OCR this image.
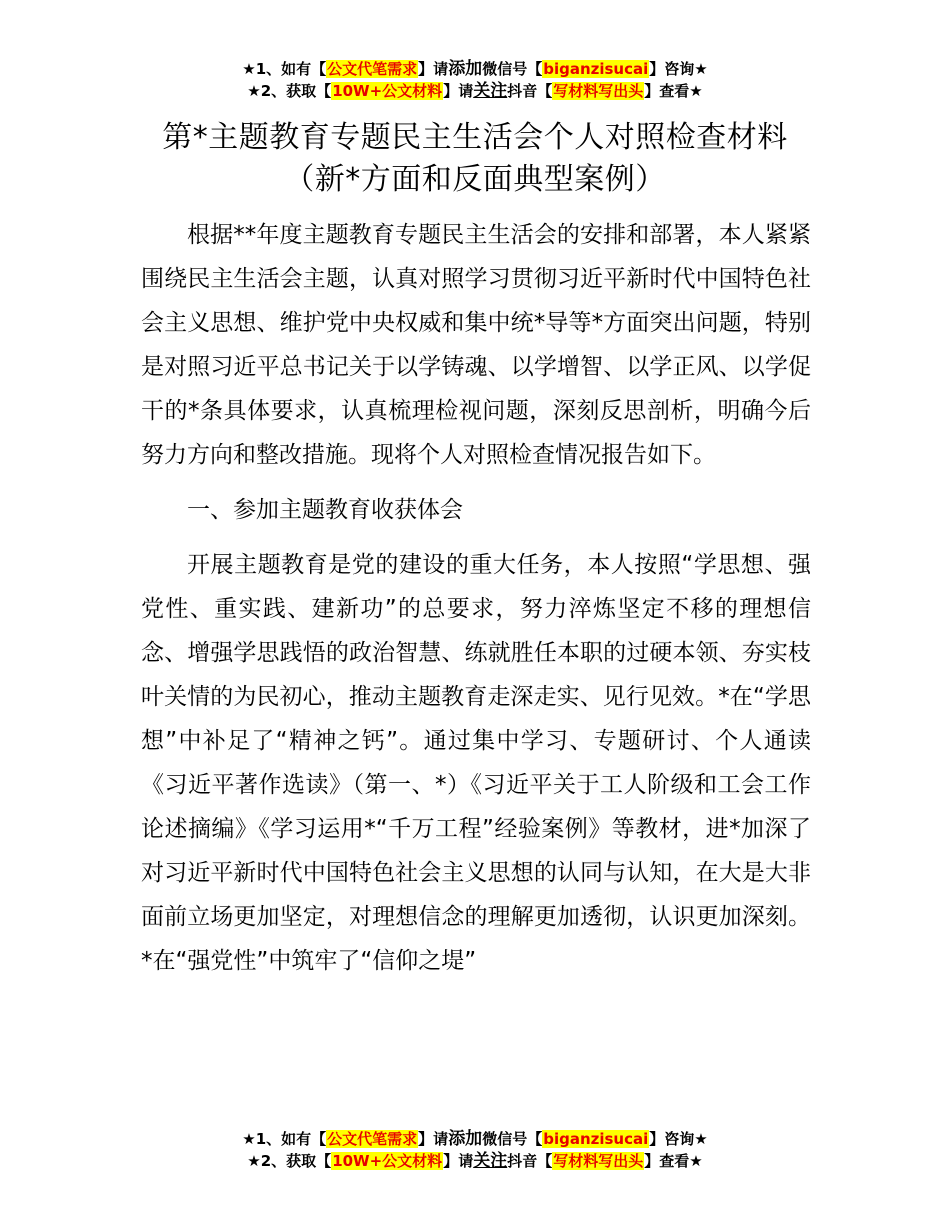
★1、如有【公文代笔需求】请添加微信号【biganzisucai】咨询★
★2、获取【10W+公文材料】请关注抖音【写材料写出头】查看★
第*主题教育专题民主生活会个人对照检查材料
（新*方面和反面典型案例）

根据**年度主题教育专题民主生活会的安排和部署，本人紧紧围绕民主生活会主题，认真对照学习贯彻习近平新时代中国特色社会主义思想、维护党中央权威和集中统*导等*方面突出问题，特别是对照习近平总书记关于以学铸魂、以学增智、以学正风、以学促干的*条具体要求，认真梳理检视问题，深刻反思剖析，明确今后努力方向和整改措施。现将个人对照检查情况报告如下。

一、参加主题教育收获体会

开展主题教育是党的建设的重大任务，本人按照“学思想、强党性、重实践、建新功”的总要求，努力淬炼坚定不移的理想信念、增强学思践悟的政治智慧、练就胜任本职的过硬本领、夯实枝叶关情的为民初心，推动主题教育走深走实、见行见效。*在“学思想”中补足了“精神之钙”。通过集中学习、专题研讨、个人通读《习近平著作选读》（第一、*）《习近平关于工人阶级和工会工作论述摘编》《学习运用*“千万工程”经验案例》等教材，进*加深了对习近平新时代中国特色社会主义思想的认同与认知，在大是大非面前立场更加坚定，对理想信念的理解更加透彻，认识更加深刻。*在“强党性”中筑牢了“信仰之堤”

★1、如有【公文代笔需求】请添加微信号【biganzisucai】咨询★
★2、获取【10W+公文材料】请关注抖音【写材料写出头】查看★
